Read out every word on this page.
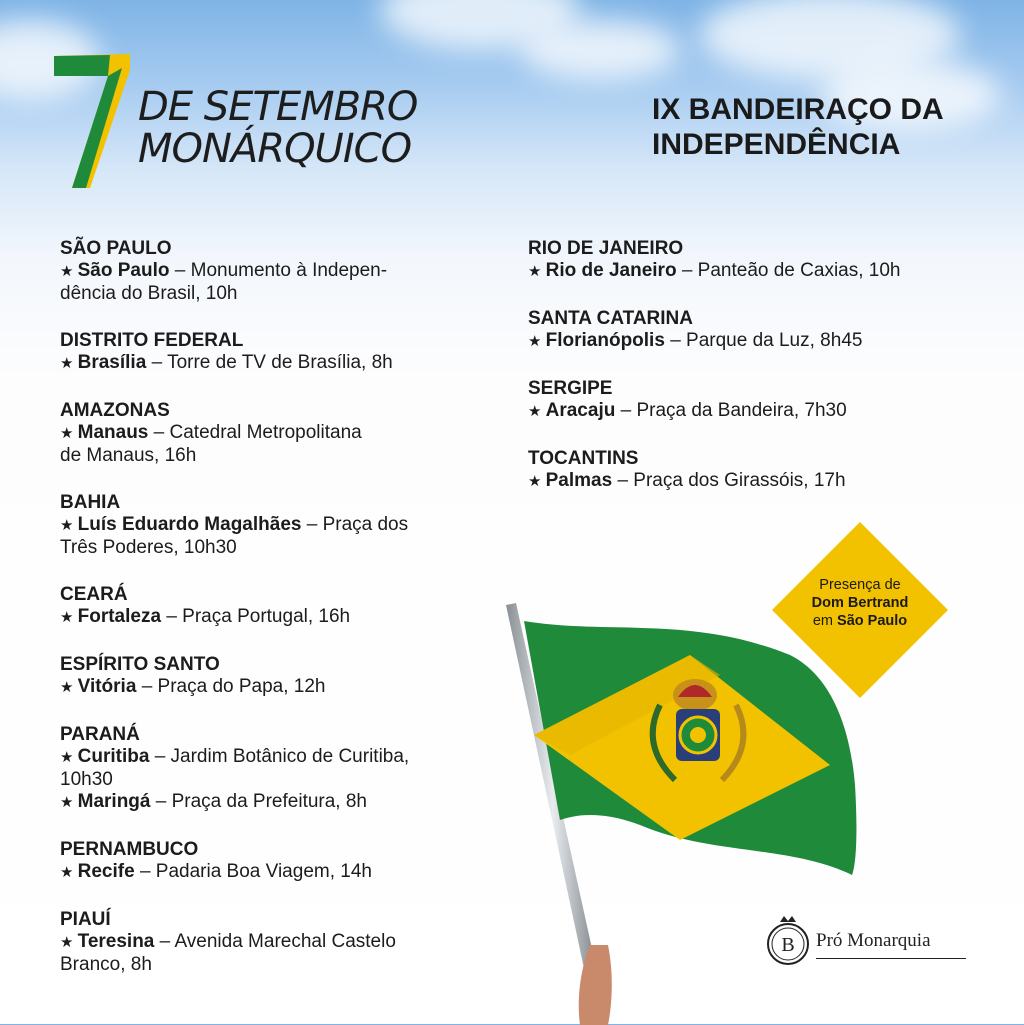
DE SETEMBRO
MONÁRQUICO
IX BANDEIRAÇO DA
INDEPENDÊNCIA
SÃO PAULO
★ São Paulo – Monumento à Indepen-
dência do Brasil, 10h
DISTRITO FEDERAL
★ Brasília – Torre de TV de Brasília, 8h
AMAZONAS
★ Manaus – Catedral Metropolitana
de Manaus, 16h
BAHIA
★ Luís Eduardo Magalhães – Praça dos
Três Poderes, 10h30
CEARÁ
★ Fortaleza – Praça Portugal, 16h
ESPÍRITO SANTO
★ Vitória – Praça do Papa, 12h
PARANÁ
★ Curitiba – Jardim Botânico de Curitiba,
10h30
★ Maringá – Praça da Prefeitura, 8h
PERNAMBUCO
★ Recife – Padaria Boa Viagem, 14h
PIAUÍ
★ Teresina – Avenida Marechal Castelo
Branco, 8h
RIO DE JANEIRO
★ Rio de Janeiro – Panteão de Caxias, 10h
SANTA CATARINA
★ Florianópolis – Parque da Luz, 8h45
SERGIPE
★ Aracaju – Praça da Bandeira, 7h30
TOCANTINS
★ Palmas – Praça dos Girassóis, 17h
Presença de
Dom Bertrand
em São Paulo
B Pró Monarquia
